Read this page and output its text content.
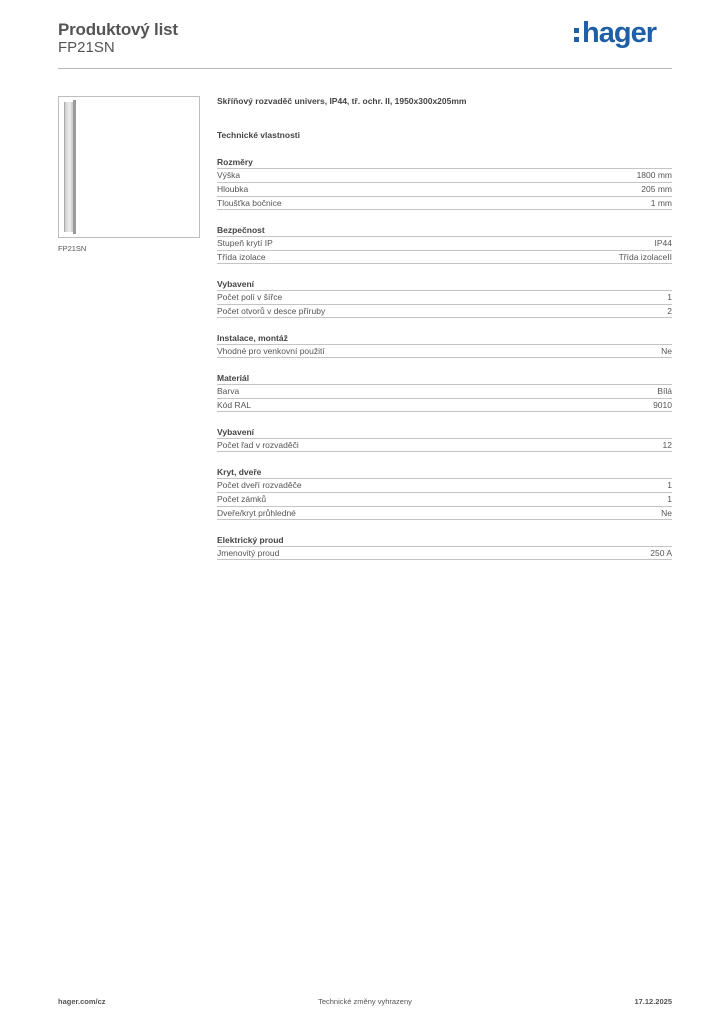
Produktový list
FP21SN	hager
FP21SN
Skříňový rozvaděč univers, IP44, tř. ochr. II, 1950x300x205mm
Technické vlastnosti
Rozměry
Výška	1800 mm
Hloubka	205 mm
Tloušťka bočnice	1 mm
Bezpečnost
Stupeň krytí IP	IP44
Třída izolace	Třída izolaceII
Vybavení
Počet polí v šířce	1
Počet otvorů v desce příruby	2
Instalace, montáž
Vhodné pro venkovní použití	Ne
Materiál
Barva	Bílá
Kód RAL	9010
Vybavení
Počet řad v rozvaděči	12
Kryt, dveře
Počet dveří rozvaděče	1
Počet zámků	1
Dveře/kryt průhledné	Ne
Elektrický proud
Jmenovitý proud	250 A
hager.com/cz	Technické změny vyhrazeny	17.12.2025
